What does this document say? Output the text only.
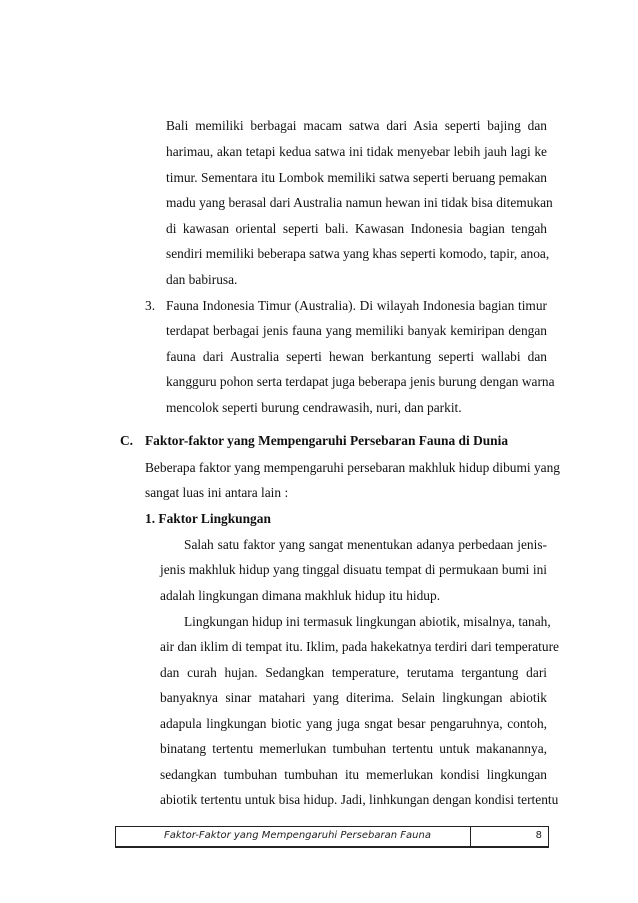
Bali memiliki berbagai macam satwa dari Asia seperti bajing dan
harimau, akan tetapi kedua satwa ini tidak menyebar lebih jauh lagi ke
timur. Sementara itu Lombok memiliki satwa seperti beruang pemakan
madu yang berasal dari Australia namun hewan ini tidak bisa ditemukan
di kawasan oriental seperti bali. Kawasan Indonesia bagian tengah
sendiri memiliki beberapa satwa yang khas seperti komodo, tapir, anoa,
dan babirusa.
3. Fauna Indonesia Timur (Australia). Di wilayah Indonesia bagian timur
terdapat berbagai jenis fauna yang memiliki banyak kemiripan dengan
fauna dari Australia seperti hewan berkantung seperti wallabi dan
kangguru pohon serta terdapat juga beberapa jenis burung dengan warna
mencolok seperti burung cendrawasih, nuri, dan parkit.
C. Faktor-faktor yang Mempengaruhi Persebaran Fauna di Dunia
Beberapa faktor yang mempengaruhi persebaran makhluk hidup dibumi yang
sangat luas ini antara lain :
1. Faktor Lingkungan
Salah satu faktor yang sangat menentukan adanya perbedaan jenis-
jenis makhluk hidup yang tinggal disuatu tempat di permukaan bumi ini
adalah lingkungan dimana makhluk hidup itu hidup.
Lingkungan hidup ini termasuk lingkungan abiotik, misalnya, tanah,
air dan iklim di tempat itu. Iklim, pada hakekatnya terdiri dari temperature
dan curah hujan. Sedangkan temperature, terutama tergantung dari
banyaknya sinar matahari yang diterima. Selain lingkungan abiotik
adapula lingkungan biotic yang juga sngat besar pengaruhnya, contoh,
binatang tertentu memerlukan tumbuhan tertentu untuk makanannya,
sedangkan tumbuhan tumbuhan itu memerlukan kondisi lingkungan
abiotik tertentu untuk bisa hidup. Jadi, linhkungan dengan kondisi tertentu
Faktor-Faktor yang Mempengaruhi Persebaran Fauna	8
